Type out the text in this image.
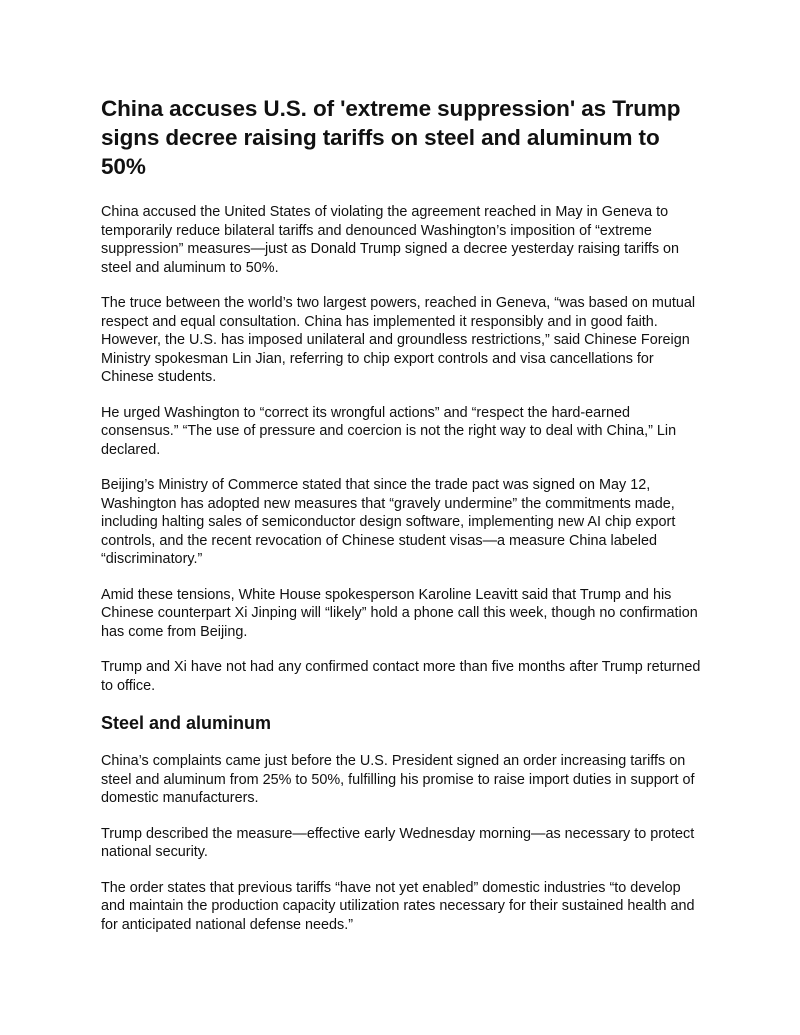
China accuses U.S. of 'extreme suppression' as Trump signs decree raising tariffs on steel and aluminum to 50%

China accused the United States of violating the agreement reached in May in Geneva to temporarily reduce bilateral tariffs and denounced Washington’s imposition of “extreme suppression” measures—just as Donald Trump signed a decree yesterday raising tariffs on steel and aluminum to 50%.

The truce between the world’s two largest powers, reached in Geneva, “was based on mutual respect and equal consultation. China has implemented it responsibly and in good faith. However, the U.S. has imposed unilateral and groundless restrictions,” said Chinese Foreign Ministry spokesman Lin Jian, referring to chip export controls and visa cancellations for Chinese students.

He urged Washington to “correct its wrongful actions” and “respect the hard-earned consensus.” “The use of pressure and coercion is not the right way to deal with China,” Lin declared.

Beijing’s Ministry of Commerce stated that since the trade pact was signed on May 12, Washington has adopted new measures that “gravely undermine” the commitments made, including halting sales of semiconductor design software, implementing new AI chip export controls, and the recent revocation of Chinese student visas—a measure China labeled “discriminatory.”

Amid these tensions, White House spokesperson Karoline Leavitt said that Trump and his Chinese counterpart Xi Jinping will “likely” hold a phone call this week, though no confirmation has come from Beijing.

Trump and Xi have not had any confirmed contact more than five months after Trump returned to office.

Steel and aluminum

China’s complaints came just before the U.S. President signed an order increasing tariffs on steel and aluminum from 25% to 50%, fulfilling his promise to raise import duties in support of domestic manufacturers.

Trump described the measure—effective early Wednesday morning—as necessary to protect national security.

The order states that previous tariffs “have not yet enabled” domestic industries “to develop and maintain the production capacity utilization rates necessary for their sustained health and for anticipated national defense needs.”
